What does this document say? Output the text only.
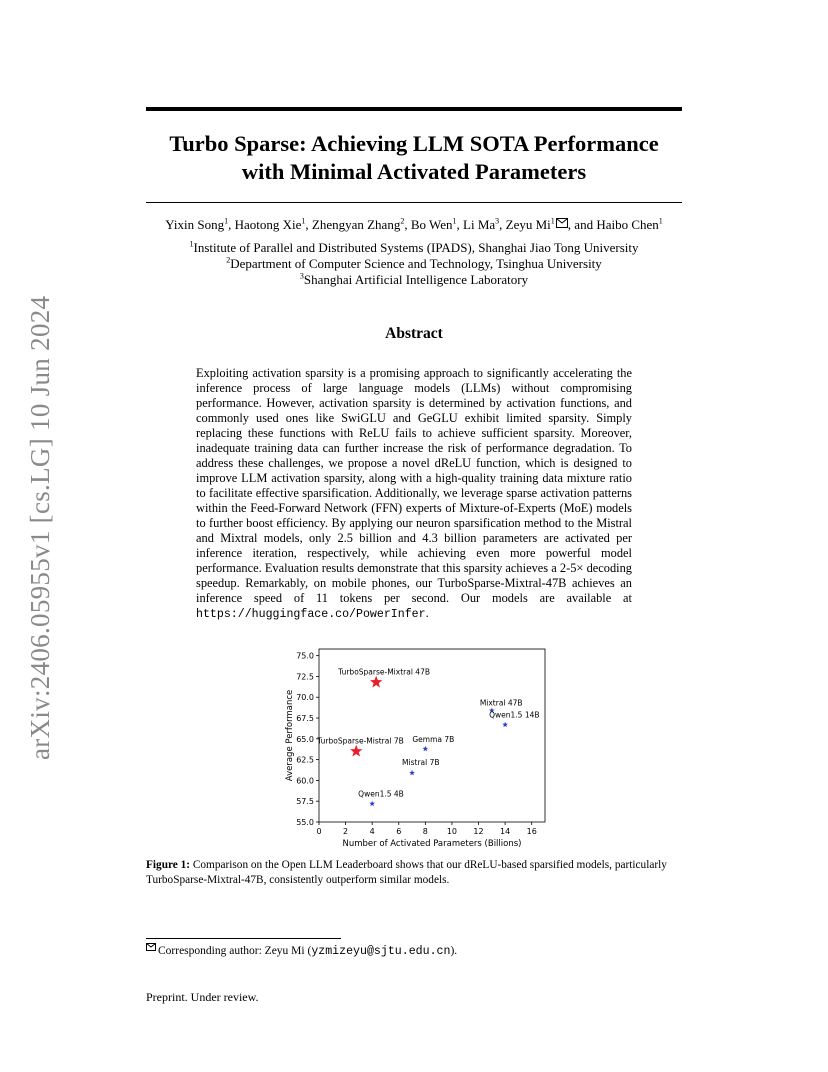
arXiv:2406.05955v1 [cs.LG] 10 Jun 2024
Turbo Sparse: Achieving LLM SOTA Performance
with Minimal Activated Parameters
Yixin Song$^1$, Haotong Xie$^1$, Zhengyan Zhang$^2$, Bo Wen$^1$, Li Ma$^3$, Zeyu Mi$^1$ , and Haibo Chen$^1$
$^1$Institute of Parallel and Distributed Systems (IPADS), Shanghai Jiao Tong University
$^2$Department of Computer Science and Technology, Tsinghua University
$^3$Shanghai Artificial Intelligence Laboratory
Abstract
Exploiting activation sparsity is a promising approach to significantly accelerating the inference process of large language models (LLMs) without compromising performance. However, activation sparsity is determined by activation functions, and commonly used ones like SwiGLU and GeGLU exhibit limited sparsity. Simply replacing these functions with ReLU fails to achieve sufficient sparsity. Moreover, inadequate training data can further increase the risk of performance degradation. To address these challenges, we propose a novel dReLU function, which is designed to improve LLM activation sparsity, along with a high-quality training data mixture ratio to facilitate effective sparsification. Additionally, we leverage sparse activation patterns within the Feed-Forward Network (FFN) experts of Mixture-of-Experts (MoE) models to further boost efficiency. By applying our neuron sparsification method to the Mistral and Mixtral models, only 2.5 billion and 4.3 billion parameters are activated per inference iteration, respectively, while achieving even more powerful model performance. Evaluation results demonstrate that this sparsity achieves a 2-5× decoding speedup. Remarkably, on mobile phones, our TurboSparse-Mixtral-47B achieves an inference speed of 11 tokens per second. Our models are available at https://huggingface.co/PowerInfer.
0	2	4	6	8 10 12 14 16
55.0
57.5
60.0
62.5
65.0
67.5
70.0
72.5
75.0
Number of Activated Parameters (Billions)
Average Performance
TurboSparse-Mixtral 47B
TurboSparse-Mistral 7B
Mixtral 47B
Qwen1.5 14B
Gemma 7B
Mistral 7B
Qwen1.5 4B
Figure 1: Comparison on the Open LLM Leaderboard shows that our dReLU-based sparsified models, particularly TurboSparse-Mixtral-47B, consistently outperform similar models.
Corresponding author: Zeyu Mi (yzmizeyu@sjtu.edu.cn).
Preprint. Under review.
